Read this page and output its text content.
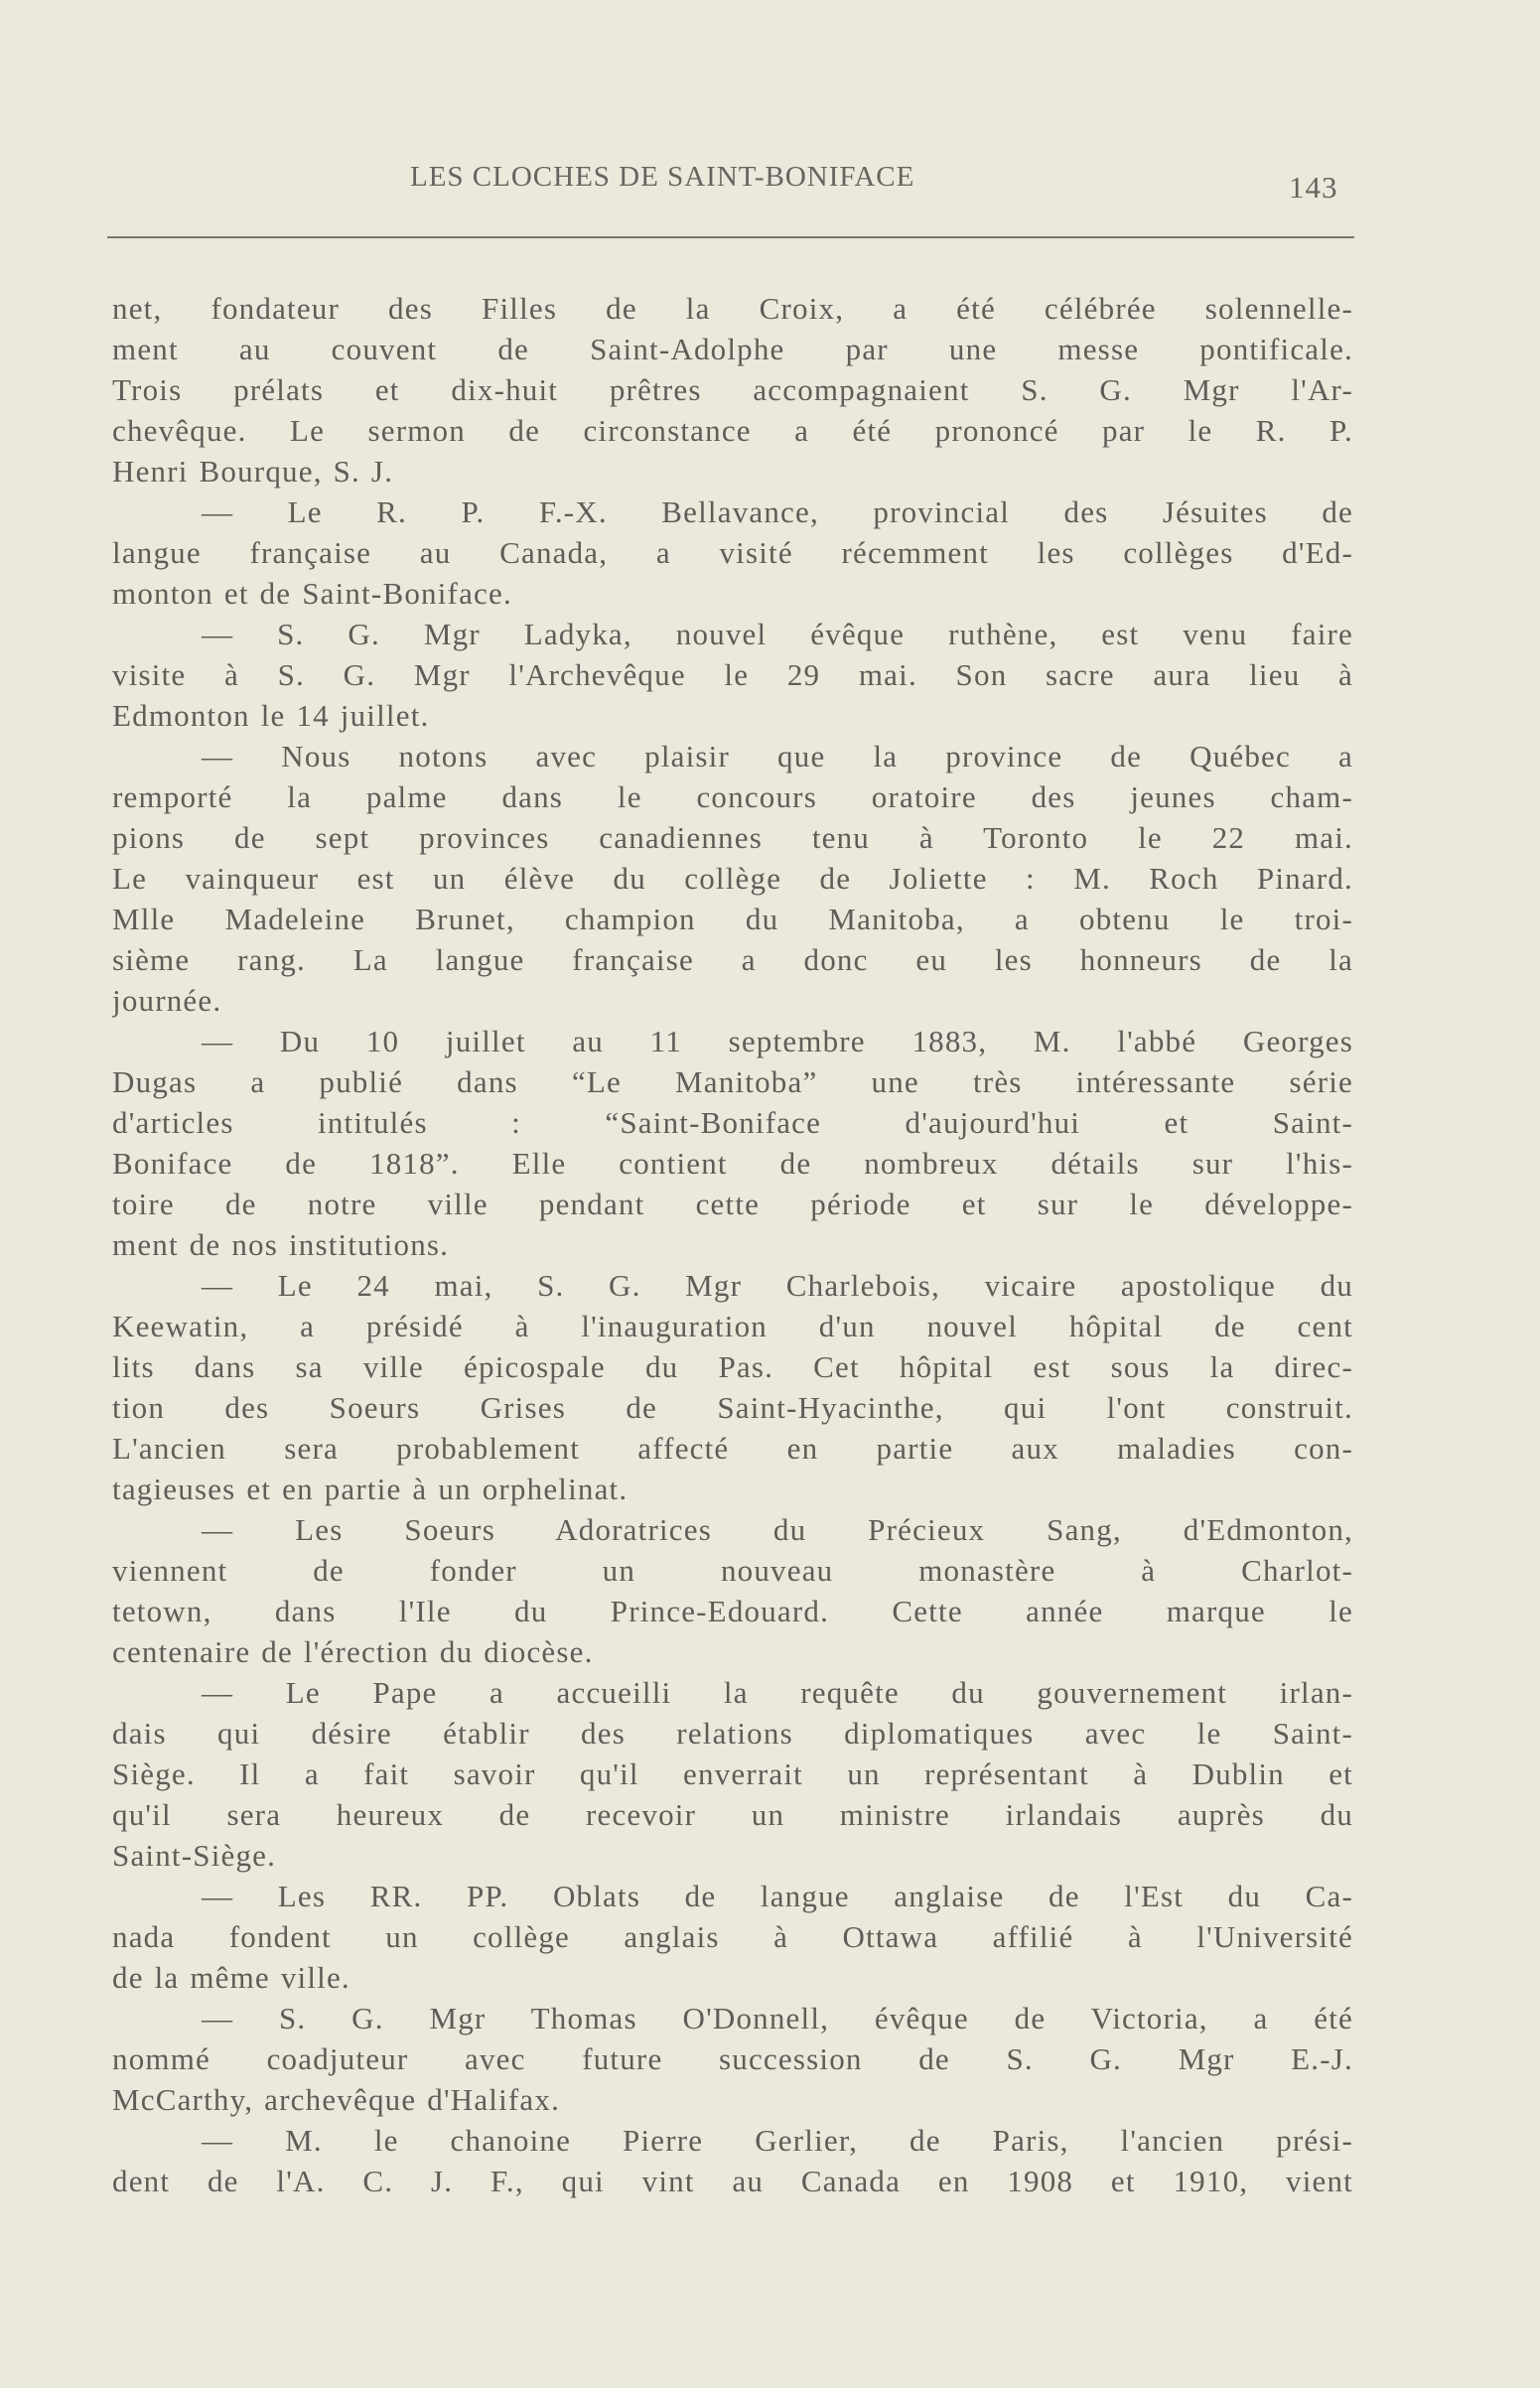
LES CLOCHES DE SAINT-BONIFACE	143
net, fondateur des Filles de la Croix, a été célébrée solennelle-
ment au couvent de Saint-Adolphe par une messe pontificale.
Trois prélats et dix-huit prêtres accompagnaient S. G. Mgr l'Ar-
chevêque. Le sermon de circonstance a été prononcé par le R. P.
Henri Bourque, S. J.
— Le R. P. F.-X. Bellavance, provincial des Jésuites de
langue française au Canada, a visité récemment les collèges d'Ed-
monton et de Saint-Boniface.
— S. G. Mgr Ladyka, nouvel évêque ruthène, est venu faire
visite à S. G. Mgr l'Archevêque le 29 mai. Son sacre aura lieu à
Edmonton le 14 juillet.
— Nous notons avec plaisir que la province de Québec a
remporté la palme dans le concours oratoire des jeunes cham-
pions de sept provinces canadiennes tenu à Toronto le 22 mai.
Le vainqueur est un élève du collège de Joliette : M. Roch Pinard.
Mlle Madeleine Brunet, champion du Manitoba, a obtenu le troi-
sième rang. La langue française a donc eu les honneurs de la
journée.
— Du 10 juillet au 11 septembre 1883, M. l'abbé Georges
Dugas a publié dans “Le Manitoba” une très intéressante série
d'articles intitulés : “Saint-Boniface d'aujourd'hui et Saint-
Boniface de 1818”. Elle contient de nombreux détails sur l'his-
toire de notre ville pendant cette période et sur le développe-
ment de nos institutions.
— Le 24 mai, S. G. Mgr Charlebois, vicaire apostolique du
Keewatin, a présidé à l'inauguration d'un nouvel hôpital de cent
lits dans sa ville épicospale du Pas. Cet hôpital est sous la direc-
tion des Soeurs Grises de Saint-Hyacinthe, qui l'ont construit.
L'ancien sera probablement affecté en partie aux maladies con-
tagieuses et en partie à un orphelinat.
— Les Soeurs Adoratrices du Précieux Sang, d'Edmonton,
viennent de fonder un nouveau monastère à Charlot-
tetown, dans l'Ile du Prince-Edouard. Cette année marque le
centenaire de l'érection du diocèse.
— Le Pape a accueilli la requête du gouvernement irlan-
dais qui désire établir des relations diplomatiques avec le Saint-
Siège. Il a fait savoir qu'il enverrait un représentant à Dublin et
qu'il sera heureux de recevoir un ministre irlandais auprès du
Saint-Siège.
— Les RR. PP. Oblats de langue anglaise de l'Est du Ca-
nada fondent un collège anglais à Ottawa affilié à l'Université
de la même ville.
— S. G. Mgr Thomas O'Donnell, évêque de Victoria, a été
nommé coadjuteur avec future succession de S. G. Mgr E.-J.
McCarthy, archevêque d'Halifax.
— M. le chanoine Pierre Gerlier, de Paris, l'ancien prési-
dent de l'A. C. J. F., qui vint au Canada en 1908 et 1910, vient
